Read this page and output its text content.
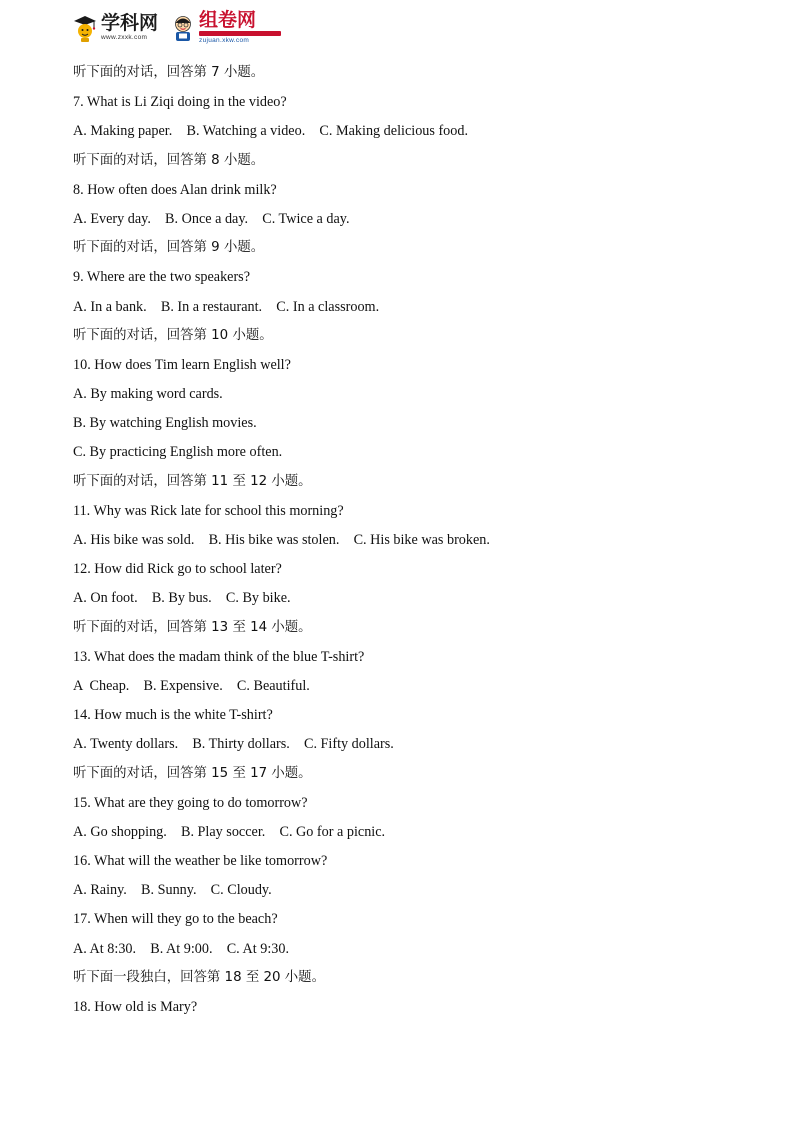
学科网
www.zxxk.com
组卷网
zujuan.xkw.com
听下面的对话，回答第 7 小题。
7. What is Li Ziqi doing in the video?
A. Making paper.    B. Watching a video.    C. Making delicious food.
听下面的对话，回答第 8 小题。
8. How often does Alan drink milk?
A. Every day.    B. Once a day.    C. Twice a day.
听下面的对话，回答第 9 小题。
9. Where are the two speakers?
A. In a bank.    B. In a restaurant.    C. In a classroom.
听下面的对话，回答第 10 小题。
10. How does Tim learn English well?
A. By making word cards.
B. By watching English movies.
C. By practicing English more often.
听下面的对话，回答第 11 至 12 小题。
11. Why was Rick late for school this morning?
A. His bike was sold.    B. His bike was stolen.    C. His bike was broken.
12. How did Rick go to school later?
A. On foot.    B. By bus.    C. By bike.
听下面的对话，回答第 13 至 14 小题。
13. What does the madam think of the blue T-shirt?
A  Cheap.    B. Expensive.    C. Beautiful.
14. How much is the white T-shirt?
A. Twenty dollars.    B. Thirty dollars.    C. Fifty dollars.
听下面的对话，回答第 15 至 17 小题。
15. What are they going to do tomorrow?
A. Go shopping.    B. Play soccer.    C. Go for a picnic.
16. What will the weather be like tomorrow?
A. Rainy.    B. Sunny.    C. Cloudy.
17. When will they go to the beach?
A. At 8:30.    B. At 9:00.    C. At 9:30.
听下面一段独白，回答第 18 至 20 小题。
18. How old is Mary?
